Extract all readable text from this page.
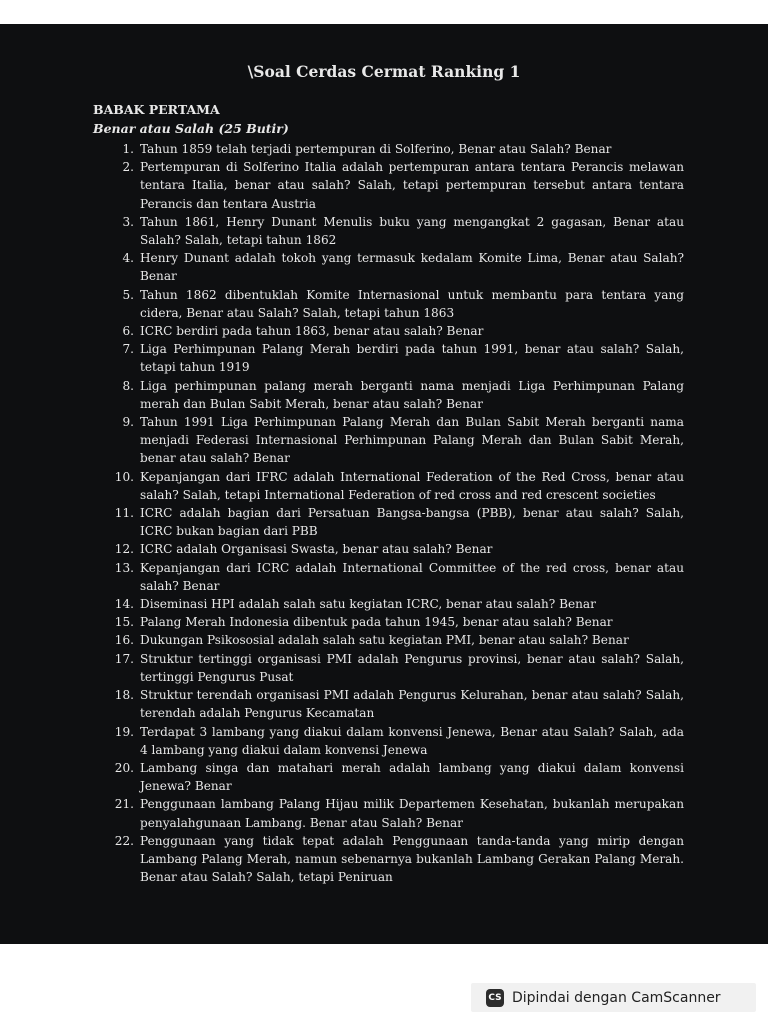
\Soal Cerdas Cermat Ranking 1
BABAK PERTAMA
Benar atau Salah (25 Butir)
1. Tahun 1859 telah terjadi pertempuran di Solferino, Benar atau Salah? Benar
2. Pertempuran di Solferino Italia adalah pertempuran antara tentara Perancis melawan tentara Italia, benar atau salah? Salah, tetapi pertempuran tersebut antara tentara Perancis dan tentara Austria
3. Tahun 1861, Henry Dunant Menulis buku yang mengangkat 2 gagasan, Benar atau Salah? Salah, tetapi tahun 1862
4. Henry Dunant adalah tokoh yang termasuk kedalam Komite Lima, Benar atau Salah? Benar
5. Tahun 1862 dibentuklah Komite Internasional untuk membantu para tentara yang cidera, Benar atau Salah? Salah, tetapi tahun 1863
6. ICRC berdiri pada tahun 1863, benar atau salah? Benar
7. Liga Perhimpunan Palang Merah berdiri pada tahun 1991, benar atau salah? Salah, tetapi tahun 1919
8. Liga perhimpunan palang merah berganti nama menjadi Liga Perhimpunan Palang merah dan Bulan Sabit Merah, benar atau salah? Benar
9. Tahun 1991 Liga Perhimpunan Palang Merah dan Bulan Sabit Merah berganti nama menjadi Federasi Internasional Perhimpunan Palang Merah dan Bulan Sabit Merah, benar atau salah? Benar
10. Kepanjangan dari IFRC adalah International Federation of the Red Cross, benar atau salah? Salah, tetapi International Federation of red cross and red crescent societies
11. ICRC adalah bagian dari Persatuan Bangsa-bangsa (PBB), benar atau salah? Salah, ICRC bukan bagian dari PBB
12. ICRC adalah Organisasi Swasta, benar atau salah? Benar
13. Kepanjangan dari ICRC adalah International Committee of the red cross, benar atau salah? Benar
14. Diseminasi HPI adalah salah satu kegiatan ICRC, benar atau salah? Benar
15. Palang Merah Indonesia dibentuk pada tahun 1945, benar atau salah? Benar
16. Dukungan Psikososial adalah salah satu kegiatan PMI, benar atau salah? Benar
17. Struktur tertinggi organisasi PMI adalah Pengurus provinsi, benar atau salah? Salah, tertinggi Pengurus Pusat
18. Struktur terendah organisasi PMI adalah Pengurus Kelurahan, benar atau salah? Salah, terendah adalah Pengurus Kecamatan
19. Terdapat 3 lambang yang diakui dalam konvensi Jenewa, Benar atau Salah? Salah, ada 4 lambang yang diakui dalam konvensi Jenewa
20. Lambang singa dan matahari merah adalah lambang yang diakui dalam konvensi Jenewa? Benar
21. Penggunaan lambang Palang Hijau milik Departemen Kesehatan, bukanlah merupakan penyalahgunaan Lambang. Benar atau Salah? Benar
22. Penggunaan yang tidak tepat adalah Penggunaan tanda-tanda yang mirip dengan Lambang Palang Merah, namun sebenarnya bukanlah Lambang Gerakan Palang Merah. Benar atau Salah? Salah, tetapi Peniruan
CS Dipindai dengan CamScanner
